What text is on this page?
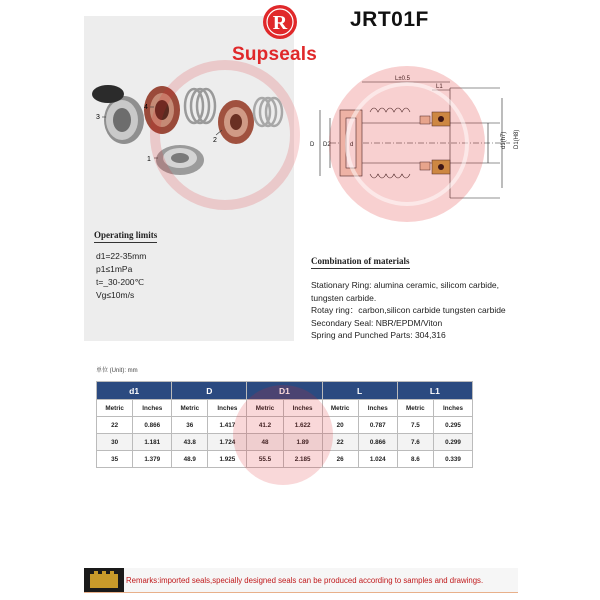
R
Supseals
JRT01F
3
4
2
1
Operating limits
d1=22-35mm
p1≤1mPa
t=_30-200℃
Vg≤10m/s
L±0.5
L1
D D2	d	d1(h7) D1(H8)
Combination of materials
Stationary Ring: alumina ceramic, silicom carbide,
tungsten carbide.
Rotay ring：carbon,silicon carbide tungsten carbide
Secondary Seal: NBR/EPDM/Viton
Spring and Punched Parts: 304,316
单位 (Unit): mm
d1		D		D1		L		L1	
Metric	Inches	Metric	Inches	Metric	Inches	Metric	Inches	Metric	Inches
22	0.866	36	1.417	41.2	1.622	20	0.787	7.5	0.295
30	1.181	43.8	1.724	48	1.89	22	0.866	7.6	0.299
35	1.379	48.9	1.925	55.5	2.185	26	1.024	8.6	0.339
Remarks:imported seals,specially designed seals can be produced according to samples and drawings.
